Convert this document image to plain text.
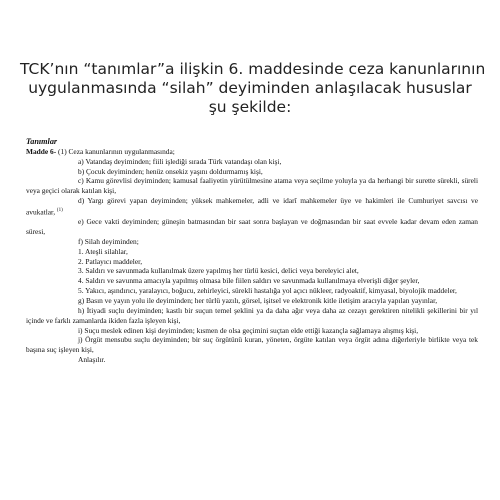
TCK’nın “tanımlar”a ilişkin 6. maddesinde ceza kanunlarının
uygulanmasında “silah” deyiminden anlaşılacak hususlar
şu şekilde:

Tanımlar

Madde 6- (1) Ceza kanunlarının uygulanmasında;

a) Vatandaş deyiminden; fiili işlediği sırada Türk vatandaşı olan kişi,

b) Çocuk deyiminden; henüz onsekiz yaşını doldurmamış kişi,

c) Kamu görevlisi deyiminden; kamusal faaliyetin yürütülmesine atama veya seçilme yoluyla ya da herhangi bir surette sürekli, süreli veya geçici olarak katılan kişi,

d) Yargı görevi yapan deyiminden; yüksek mahkemeler, adli ve idarî mahkemeler üye ve hakimleri ile Cumhuriyet savcısı ve avukatlar, $^{(1)}$

e) Gece vakti deyiminden; güneşin batmasından bir saat sonra başlayan ve doğmasından bir saat evvele kadar devam eden zaman süresi,

f) Silah deyiminden;

1. Ateşli silahlar,

2. Patlayıcı maddeler,

3. Saldırı ve savunmada kullanılmak üzere yapılmış her türlü kesici, delici veya bereleyici alet,

4. Saldırı ve savunma amacıyla yapılmış olmasa bile fiilen saldırı ve savunmada kullanılmaya elverişli diğer şeyler,

5. Yakıcı, aşındırıcı, yaralayıcı, boğucu, zehirleyici, sürekli hastalığa yol açıcı nükleer, radyoaktif, kimyasal, biyolojik maddeler,

g) Basın ve yayın yolu ile deyiminden; her türlü yazılı, görsel, işitsel ve elektronik kitle iletişim aracıyla yapılan yayınlar,

h) İtiyadi suçlu deyiminden; kastlı bir suçun temel şeklini ya da daha ağır veya daha az cezayı gerektiren nitelikli şekillerini bir yıl içinde ve farklı zamanlarda ikiden fazla işleyen kişi,

i) Suçu meslek edinen kişi deyiminden; kısmen de olsa geçimini suçtan elde ettiği kazançla sağlamaya alışmış kişi,

j) Örgüt mensubu suçlu deyiminden; bir suç örgütünü kuran, yöneten, örgüte katılan veya örgüt adına diğerleriyle birlikte veya tek başına suç işleyen kişi,

Anlaşılır.
